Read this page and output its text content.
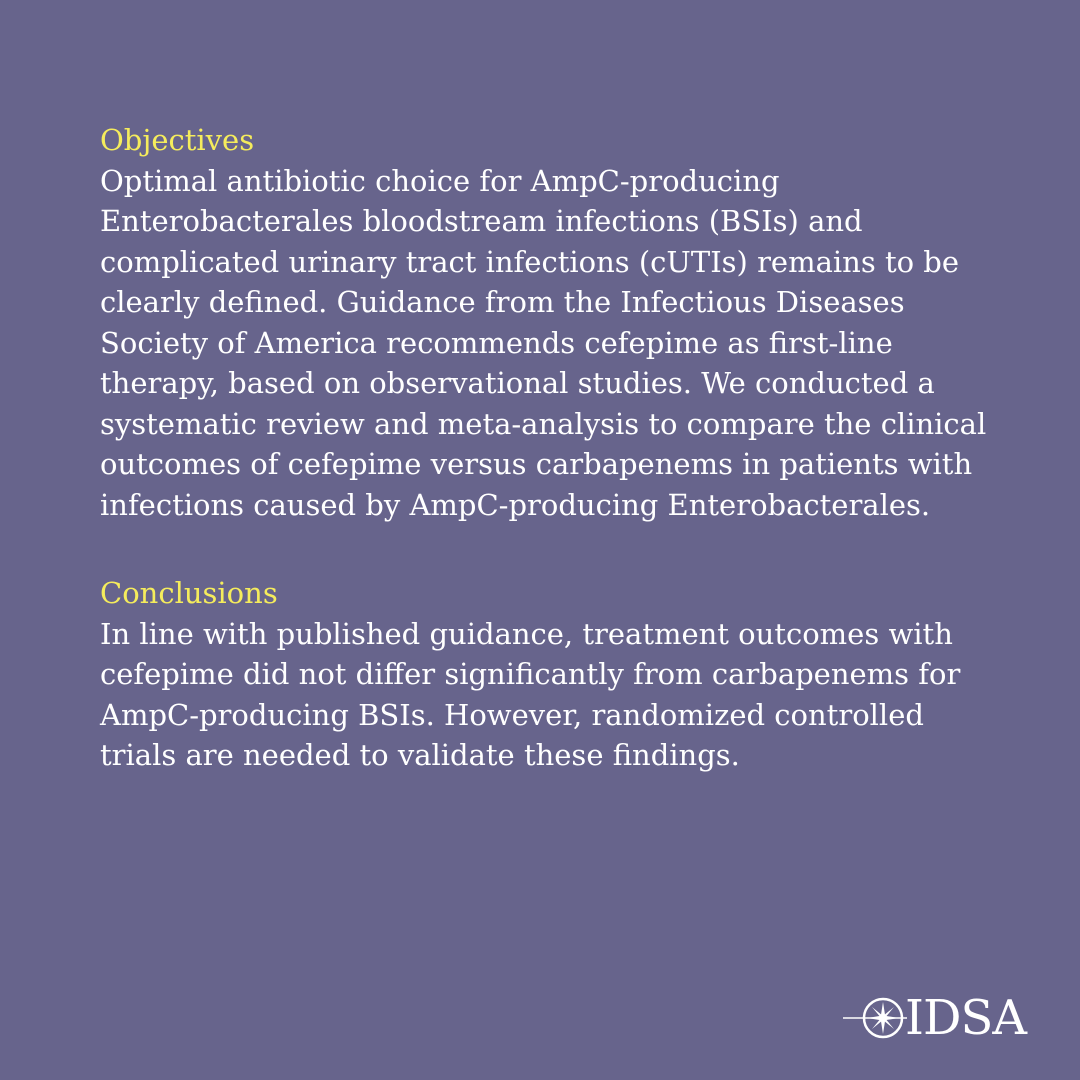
Objectives

Optimal antibiotic choice for AmpC-producing Enterobacterales bloodstream infections (BSIs) and complicated urinary tract infections (cUTIs) remains to be clearly defined. Guidance from the Infectious Diseases Society of America recommends cefepime as first-line therapy, based on observational studies. We conducted a systematic review and meta-analysis to compare the clinical outcomes of cefepime versus carbapenems in patients with infections caused by AmpC-producing Enterobacterales.

Conclusions

In line with published guidance, treatment outcomes with cefepime did not differ significantly from carbapenems for AmpC-producing BSIs. However, randomized controlled trials are needed to validate these findings.

IDSA
